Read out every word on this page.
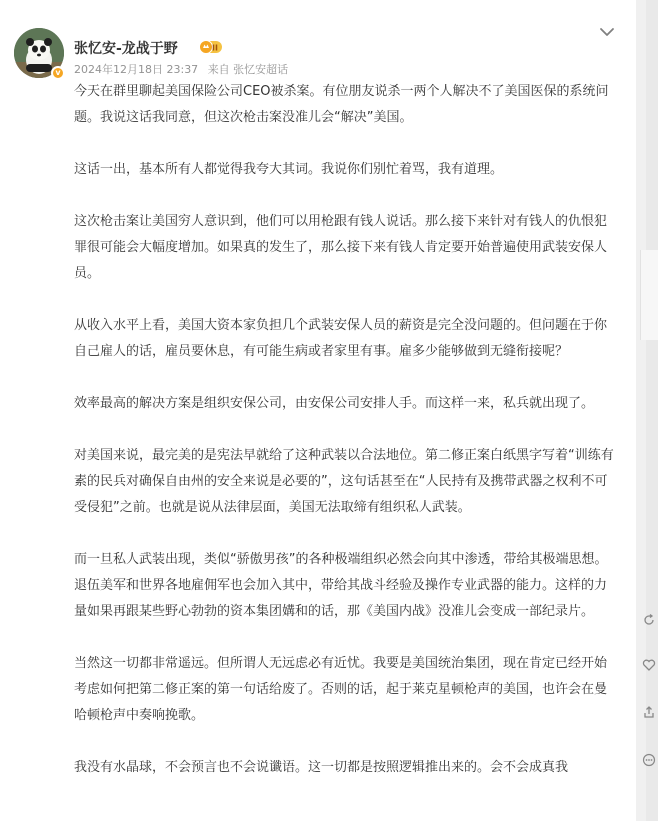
v
张忆安-龙战于野	II
2024年12月18日 23:37 来自 张忆安超话

今天在群里聊起美国保险公司CEO被杀案。有位朋友说杀一两个人解决不了美国医保的系统问题。我说这话我同意，但这次枪击案没准儿会“解决”美国。

这话一出，基本所有人都觉得我夸大其词。我说你们别忙着骂，我有道理。

这次枪击案让美国穷人意识到，他们可以用枪跟有钱人说话。那么接下来针对有钱人的仇恨犯罪很可能会大幅度增加。如果真的发生了，那么接下来有钱人肯定要开始普遍使用武装安保人员。

从收入水平上看，美国大资本家负担几个武装安保人员的薪资是完全没问题的。但问题在于你自己雇人的话，雇员要休息，有可能生病或者家里有事。雇多少能够做到无缝衔接呢？

效率最高的解决方案是组织安保公司，由安保公司安排人手。而这样一来，私兵就出现了。

对美国来说，最完美的是宪法早就给了这种武装以合法地位。第二修正案白纸黑字写着“训练有素的民兵对确保自由州的安全来说是必要的”，这句话甚至在“人民持有及携带武器之权利不可受侵犯”之前。也就是说从法律层面，美国无法取缔有组织私人武装。

而一旦私人武装出现，类似“骄傲男孩”的各种极端组织必然会向其中渗透，带给其极端思想。退伍美军和世界各地雇佣军也会加入其中，带给其战斗经验及操作专业武器的能力。这样的力量如果再跟某些野心勃勃的资本集团媾和的话，那《美国内战》没准儿会变成一部纪录片。

当然这一切都非常遥远。但所谓人无远虑必有近忧。我要是美国统治集团，现在肯定已经开始考虑如何把第二修正案的第一句话给废了。否则的话，起于莱克星顿枪声的美国，也许会在曼哈顿枪声中奏响挽歌。

我没有水晶球，不会预言也不会说谶语。这一切都是按照逻辑推出来的。会不会成真我
